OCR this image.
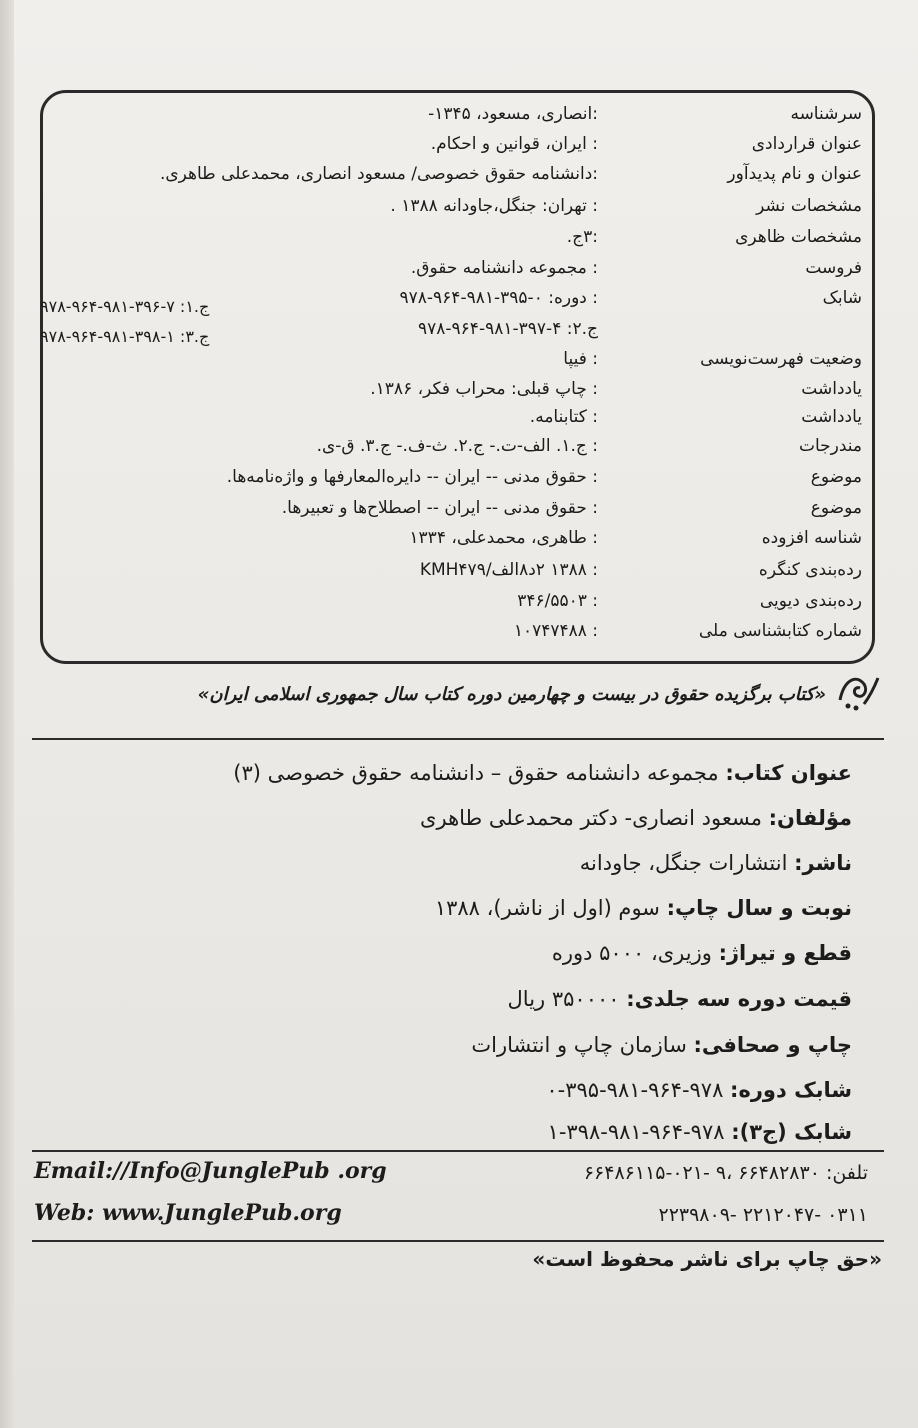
سرشناسه
:انصاری، مسعود، ۱۳۴۵-
عنوان قراردادی
: ایران، قوانین و احکام.
عنوان و نام پدیدآور
:دانشنامه حقوق خصوصی/ مسعود انصاری، محمدعلی طاهری.
مشخصات نشر
: تهران: جنگل،جاودانه ۱۳۸۸ .
مشخصات ظاهری
:۳ج.
فروست
: مجموعه دانشنامه حقوق.
شابک
: دوره: ۰-۳۹۵-۹۸۱-۹۶۴-۹۷۸
ج.۲: ۴-۳۹۷-۹۸۱-۹۶۴-۹۷۸
وضعیت فهرست‌نویسی
: فیپا
یادداشت
: چاپ قبلی: محراب فکر، ۱۳۸۶.
یادداشت
: کتابنامه.
مندرجات
: ج.۱. الف-ت.- ج.۲. ث-ف.- ج.۳. ق-ی.
موضوع
: حقوق مدنی -- ایران -- دایره‌المعارفها و واژه‌نامه‌ها.
موضوع
: حقوق مدنی -- ایران -- اصطلاح‌ها و تعبیرها.
شناسه افزوده
: طاهری، محمدعلی، ۱۳۳۴
رده‌بندی کنگره
: ۱۳۸۸ ۲د۸الف/KMH۴۷۹
رده‌بندی دیویی
: ۳۴۶/۵۵۰۳
شماره کتابشناسی ملی
: ۱۰۷۴۷۴۸۸
ج.۱: ۷-۳۹۶-۹۸۱-۹۶۴-۹۷۸
ج.۳: ۱-۳۹۸-۹۸۱-۹۶۴-۹۷۸
«کتاب برگزیده حقوق در بیست و چهارمین دوره کتاب سال جمهوری اسلامی ایران»
عنوان کتاب: مجموعه دانشنامه حقوق – دانشنامه حقوق خصوصی (۳)
مؤلفان: مسعود انصاری- دکتر محمدعلی طاهری
ناشر: انتشارات جنگل، جاودانه
نوبت و سال چاپ: سوم (اول از ناشر)، ۱۳۸۸
قطع و تیراژ: وزیری، ۵۰۰۰ دوره
قیمت دوره سه جلدی: ۳۵۰۰۰۰ ریال
چاپ و صحافی: سازمان چاپ و انتشارات
شابک دوره: ۹۷۸-۹۶۴-۹۸۱-۳۹۵-۰
شابک (ج۳): ۹۷۸-۹۶۴-۹۸۱-۳۹۸-۱
Email://Info@JunglePub .org
Web: www.JunglePub.org
تلفن: ۶۶۴۸۲۸۳۰ ،۹ -۰۲۱-۶۶۴۸۶۱۱۵
۰۳۱۱ -۲۲۱۲۰۴۷ -۲۲۳۹۸۰۹
«حق چاپ برای ناشر محفوظ است»
